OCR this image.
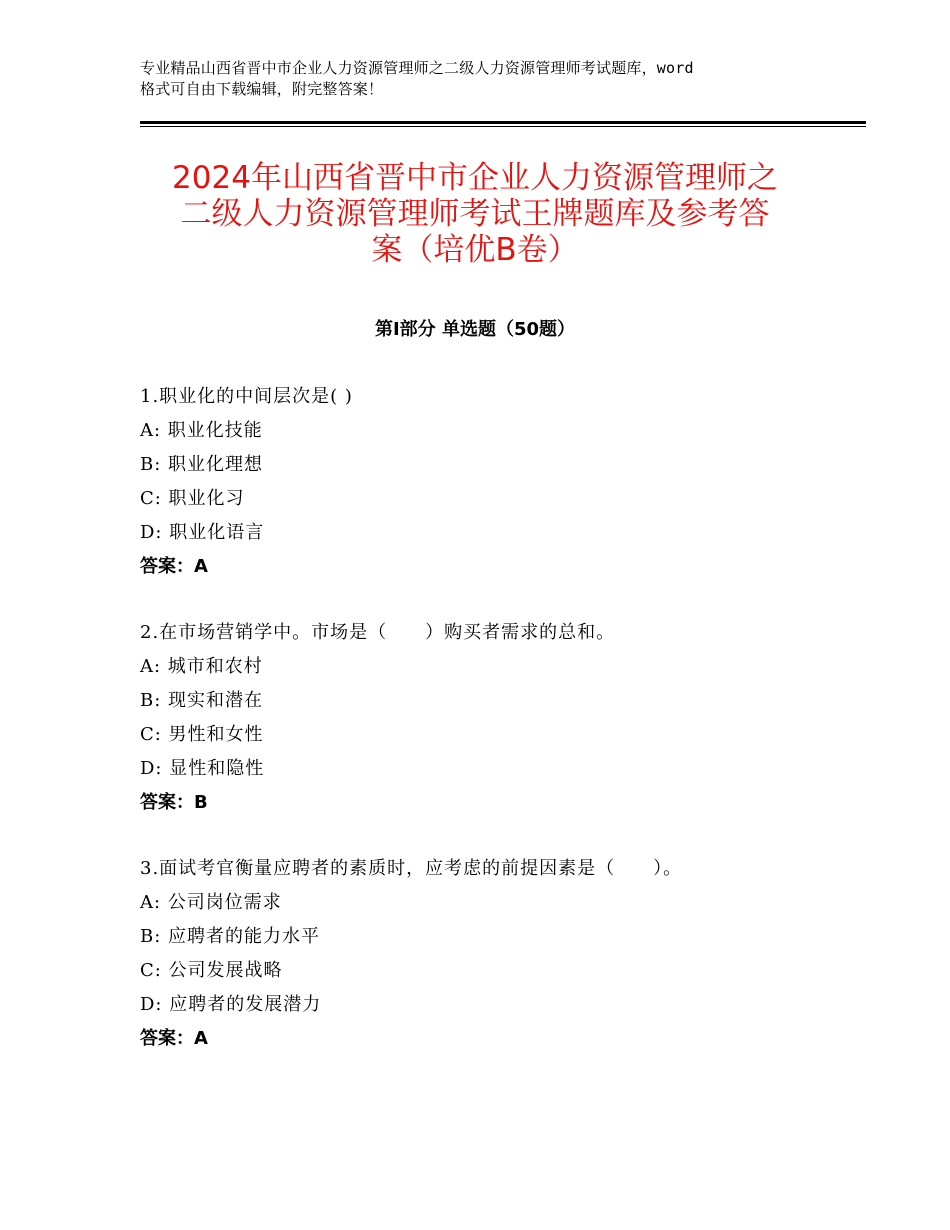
专业精品山西省晋中市企业人力资源管理师之二级人力资源管理师考试题库，word
格式可自由下载编辑，附完整答案！
2024年山西省晋中市企业人力资源管理师之
二级人力资源管理师考试王牌题库及参考答
案（培优B卷）
第Ⅰ部分 单选题（50题）
1.职业化的中间层次是( )
A: 职业化技能
B: 职业化理想
C: 职业化习
D: 职业化语言
答案：A
2.在市场营销学中。市场是（　　）购买者需求的总和。
A: 城市和农村
B: 现实和潜在
C: 男性和女性
D: 显性和隐性
答案：B
3.面试考官衡量应聘者的素质时，应考虑的前提因素是（　　）。
A: 公司岗位需求
B: 应聘者的能力水平
C: 公司发展战略
D: 应聘者的发展潜力
答案：A
